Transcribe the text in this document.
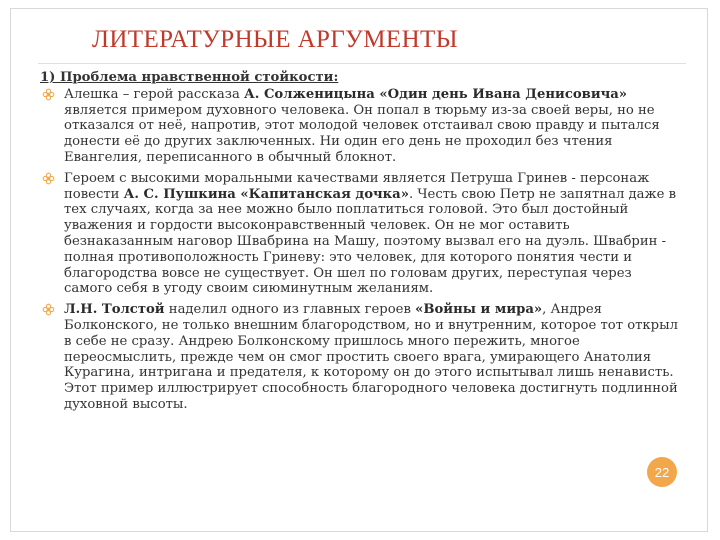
ЛИТЕРАТУРНЫЕ АРГУМЕНТЫ
1) Проблема нравственной стойкости:
Алешка – герой рассказа А. Солженицына «Один день Ивана Денисовича» является примером духовного человека. Он попал в тюрьму из-за своей веры, но не отказался от неё, напротив, этот молодой человек отстаивал свою правду и пытался донести её до других заключенных. Ни один его день не проходил без чтения Евангелия, переписанного в обычный блокнот.
Героем с высокими моральными качествами является Петруша Гринев - персонаж повести А. С. Пушкина «Капитанская дочка». Честь свою Петр не запятнал даже в тех случаях, когда за нее можно было поплатиться головой. Это был достойный уважения и гордости высоконравственный человек. Он не мог оставить безнаказанным наговор Швабрина на Машу, поэтому вызвал его на дуэль. Швабрин - полная противоположность Гриневу: это человек, для которого понятия чести и благородства вовсе не существует. Он шел по головам других, переступая через самого себя в угоду своим сиюминутным желаниям.
Л.Н. Толстой наделил одного из главных героев «Войны и мира», Андрея Болконского, не только внешним благородством, но и внутренним, которое тот открыл в себе не сразу. Андрею Болконскому пришлось много пережить, многое переосмыслить, прежде чем он смог простить своего врага, умирающего Анатолия Курагина, интригана и предателя, к которому он до этого испытывал лишь ненависть. Этот пример иллюстрирует способность благородного человека достигнуть подлинной духовной высоты.
22
